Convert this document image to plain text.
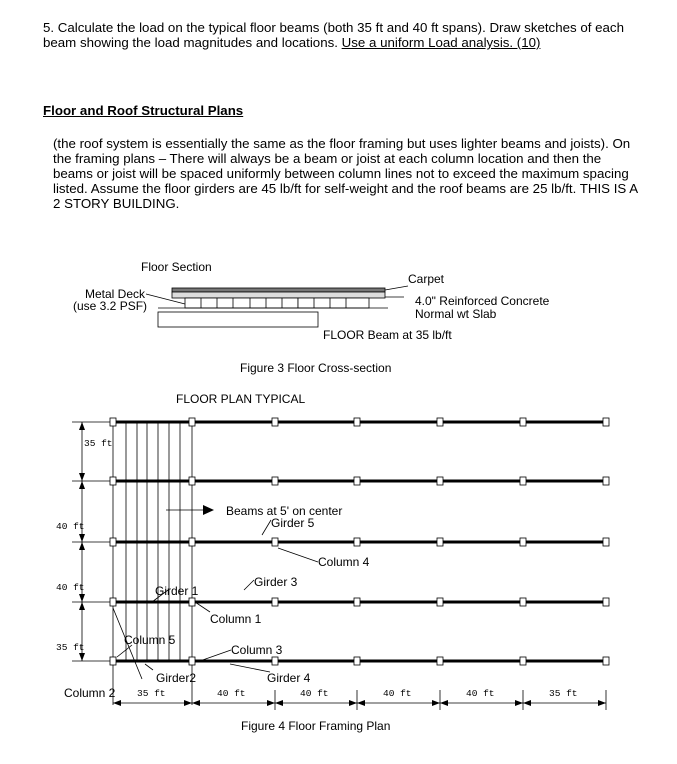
5. Calculate the load on the typical floor beams (both 35 ft and 40 ft spans). Draw sketches of each beam showing the load magnitudes and locations. Use a uniform Load analysis. (10)

Floor and Roof Structural Plans

(the roof system is essentially the same as the floor framing but uses lighter beams and joists). On the framing plans – There will always be a beam or joist at each column location and then the beams or joist will be spaced uniformly between column lines not to exceed the maximum spacing listed. Assume the floor girders are 45 lb/ft for self-weight and the roof beams are 25 lb/ft. THIS IS A 2 STORY BUILDING.

Floor Section
Carpet
Metal Deck
(use 3.2 PSF)	4.0" Reinforced Concrete
Normal wt Slab
FLOOR Beam at 35 lb/ft
Figure 3 Floor Cross-section
FLOOR PLAN TYPICAL
Figure 4 Floor Framing Plan
35 ft
40 ft
40 ft
35 ft
35 ft	40 ft	40 ft	40 ft	40 ft	35 ft
Beams at 5' on center
Girder 5
Column 4
Girder 3
Girder 1
Column 1
Column 5
Column 3
Girder2	Girder 4
Column 2
